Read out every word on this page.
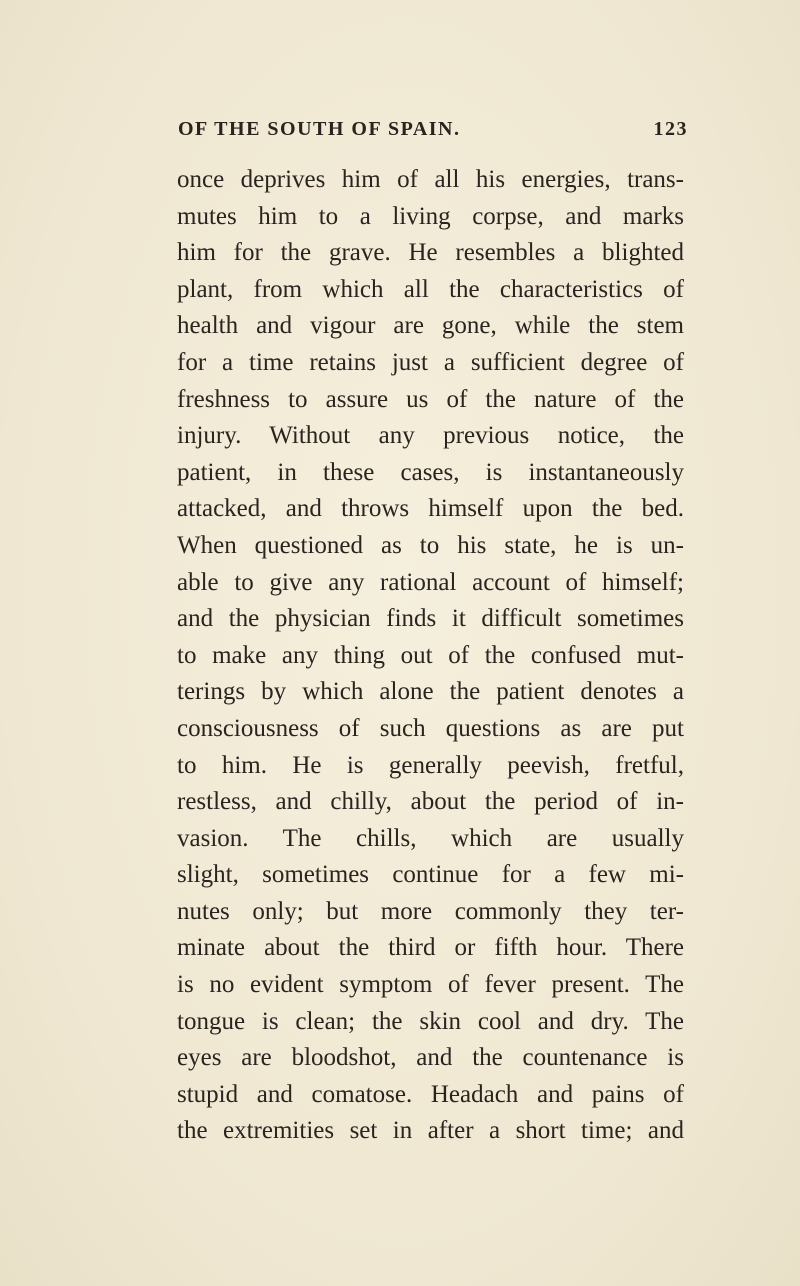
OF THE SOUTH OF SPAIN.	123
once deprives him of all his energies, trans-
mutes him to a living corpse, and marks
him for the grave. He resembles a blighted
plant, from which all the characteristics of
health and vigour are gone, while the stem
for a time retains just a sufficient degree of
freshness to assure us of the nature of the
injury. Without any previous notice, the
patient, in these cases, is instantaneously
attacked, and throws himself upon the bed.
When questioned as to his state, he is un-
able to give any rational account of himself;
and the physician finds it difficult sometimes
to make any thing out of the confused mut-
terings by which alone the patient denotes a
consciousness of such questions as are put
to him. He is generally peevish, fretful,
restless, and chilly, about the period of in-
vasion. The chills, which are usually
slight, sometimes continue for a few mi-
nutes only; but more commonly they ter-
minate about the third or fifth hour. There
is no evident symptom of fever present. The
tongue is clean; the skin cool and dry. The
eyes are bloodshot, and the countenance is
stupid and comatose. Headach and pains of
the extremities set in after a short time; and
